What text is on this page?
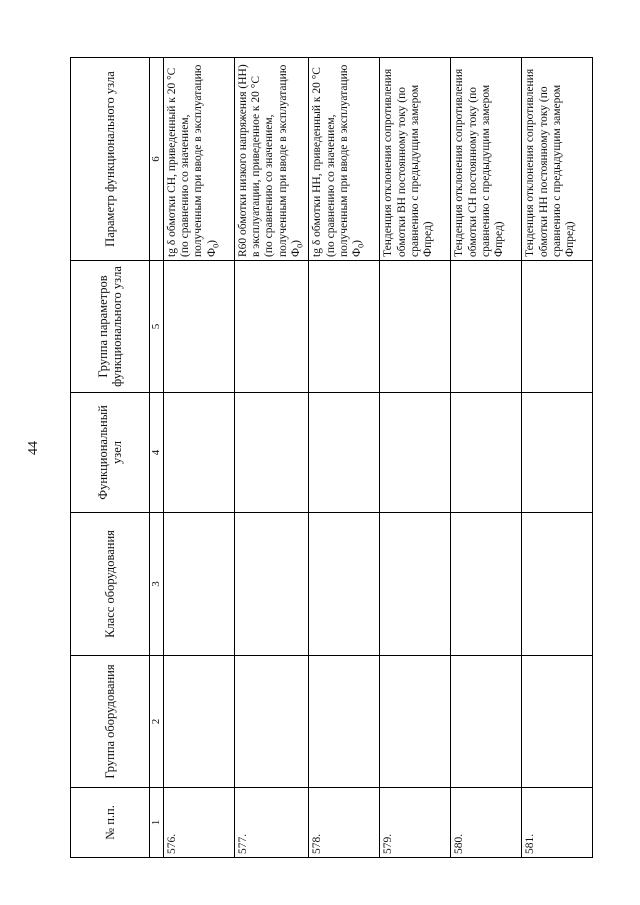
44
№ п.п.	Группа оборудования	Класс оборудования	Функциональный узел	Группа параметров функционального узла	Параметр функционального узла
1	2	3	4	5	6
576.					tg δ обмотки СН, приведенный к 20 °С (по сравнению со значением, полученным при вводе в эксплуатацию $Ф_0$)
577.					R60 обмотки низкого напряжения (НН) в эксплуатации, приведенное к 20 °С (по сравнению со значением, полученным при вводе в эксплуатацию $Ф_0$)
578.					tg δ обмотки НН, приведенный к 20 °С (по сравнению со значением, полученным при вводе в эксплуатацию $Ф_0$)
579.					Тенденция отклонения сопротивления обмотки ВН постоянному току (по сравнению с предыдущим замером Фпред)
580.					Тенденция отклонения сопротивления обмотки СН постоянному току (по сравнению с предыдущим замером Фпред)
581.					Тенденция отклонения сопротивления обмотки НН постоянному току (по сравнению с предыдущим замером Фпред)
